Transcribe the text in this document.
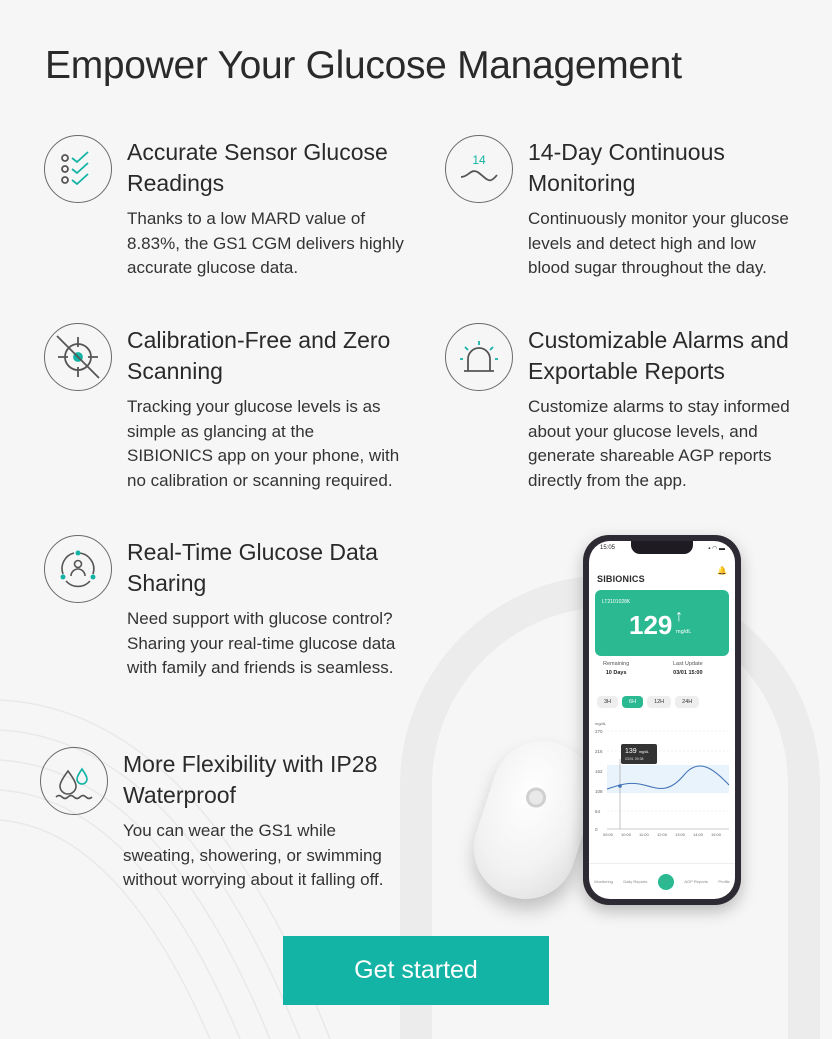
Empower Your Glucose Management
Accurate Sensor Glucose Readings

Thanks to a low MARD value of 8.83%, the GS1 CGM delivers highly accurate glucose data.

14 14-Day Continuous Monitoring

Continuously monitor your glucose levels and detect high and low blood sugar throughout the day.

Calibration-Free and Zero Scanning

Tracking your glucose levels is as simple as glancing at the SIBIONICS app on your phone, with no calibration or scanning required.

Customizable Alarms and Exportable Reports

Customize alarms to stay informed about your glucose levels, and generate shareable AGP reports directly from the app.

Real-Time Glucose Data Sharing

Need support with glucose control? Sharing your real-time glucose data with family and friends is seamless.

More Flexibility with IP28 Waterproof

You can wear the GS1 while sweating, showering, or swimming without worrying about it falling off.

15:05	▪ ◠ ▬
SIBIONICS
🔔
LT2101028K
129 ↑
mg/dL
Remaining
10 Days
Last Update
03/01 15:00
3H	6H	12H	24H
mg/dL
270
216
162
108
54
0
139 mg/dL
03/01 09:38
09:00 10:00 11:00 12:00 13:00 14:00 15:00
Monitoring	Daily Reports	+	AGP Reports	Profile
Get started
